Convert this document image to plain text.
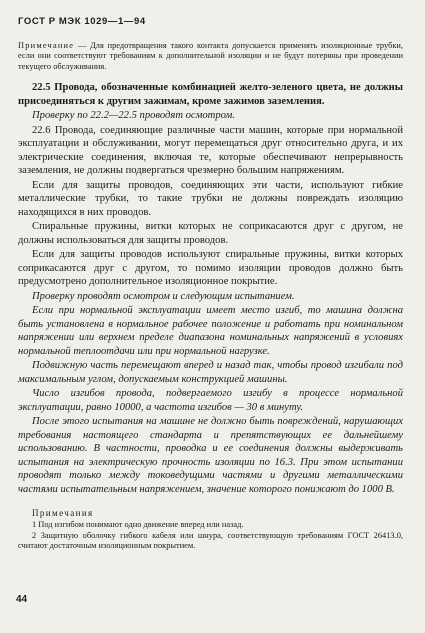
ГОСТ Р МЭК 1029—1—94

Примечание — Для предотвращения такого контакта допускается применять изоляционные трубки, если они соответствуют требованиям к дополнительной изоляции и не будут потеряны при проведении текущего обслуживания.

22.5 Провода, обозначенные комбинацией желто-зеленого цвета, не должны присоединяться к другим зажимам, кроме зажимов заземления.

Проверку по 22.2—22.5 проводят осмотром.

22.6 Провода, соединяющие различные части машин, которые при нормальной эксплуатации и обслуживании, могут перемещаться друг относительно друга, и их электрические соединения, включая те, которые обеспечивают непрерывность заземления, не должны подвергаться чрезмерно большим напряжениям.

Если для защиты проводов, соединяющих эти части, используют гибкие металлические трубки, то такие трубки не должны повреждать изоляцию находящихся в них проводов.

Спиральные пружины, витки которых не соприкасаются друг с другом, не должны использоваться для защиты проводов.

Если для защиты проводов используют спиральные пружины, витки которых соприкасаются друг с другом, то помимо изоляции проводов должно быть предусмотрено дополнительное изоляционное покрытие.

Проверку проводят осмотром и следующим испытанием.

Если при нормальной эксплуатации имеет место изгиб, то машина должна быть установлена в нормальное рабочее положение и работать при номинальном напряжении или верхнем пределе диапазона номинальных напряжений в условиях нормальной теплоотдачи или при нормальной нагрузке.

Подвижную часть перемещают вперед и назад так, чтобы провод изгибали под максимальным углом, допускаемым конструкцией машины.

Число изгибов провода, подвергаемого изгибу в процессе нормальной эксплуатации, равно 10000, а частота изгибов — 30 в минуту.

После этого испытания на машине не должно быть повреждений, нарушающих требования настоящего стандарта и препятствующих ее дальнейшему использованию. В частности, проводка и ее соединения должны выдерживать испытания на электрическую прочность изоляции по 16.3. При этом испытании проводят только между токоведущими частями и другими металлическими частями испытательным напряжением, значение которого понижают до 1000 В.

Примечания

1 Под изгибом понимают одно движение вперед или назад.

2 Защитную оболочку гибкого кабеля или шнура, соответствующую требованиям ГОСТ 26413.0, считают достаточным изоляционным покрытием.

44
